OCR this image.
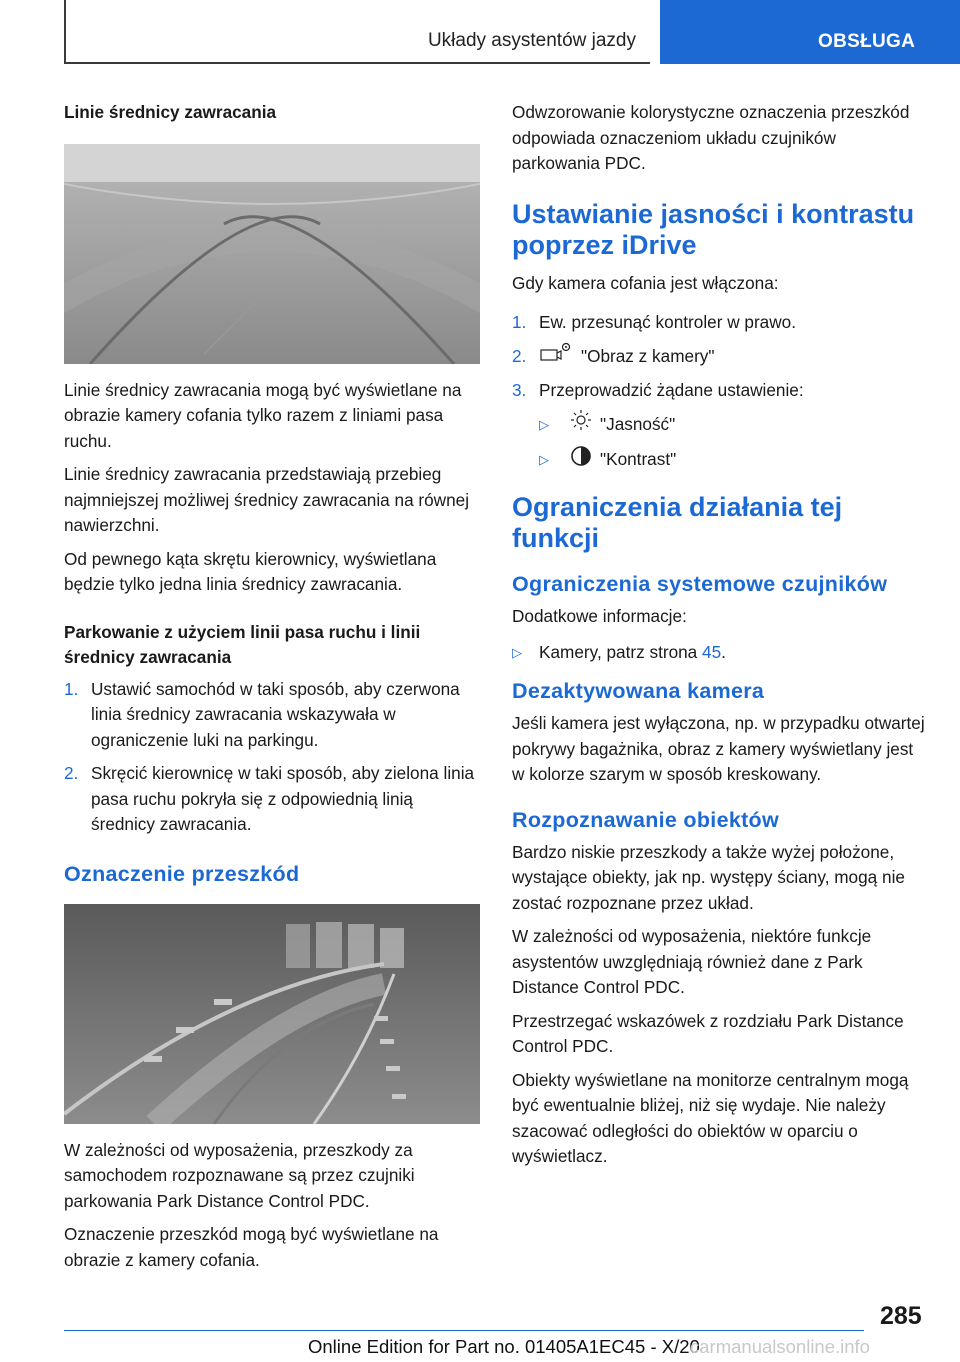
Układy asystentów jazdy	OBSŁUGA
Linie średnicy zawracania

Linie średnicy zawracania mogą być wyświetlane na obrazie kamery cofania tylko razem z liniami pasa ruchu.

Linie średnicy zawracania przedstawiają przebieg najmniejszej możliwej średnicy zawracania na równej nawierzchni.

Od pewnego kąta skrętu kierownicy, wyświetlana będzie tylko jedna linia średnicy zawracania.

Parkowanie z użyciem linii pasa ruchu i linii średnicy zawracania
1. Ustawić samochód w taki sposób, aby czerwona linia średnicy zawracania wskazywała w ograniczenie luki na parkingu.
2. Skręcić kierownicę w taki sposób, aby zielona linia pasa ruchu pokryła się z odpowiednią linią średnicy zawracania.
Oznaczenie przeszkód

W zależności od wyposażenia, przeszkody za samochodem rozpoznawane są przez czujniki parkowania Park Distance Control PDC.

Oznaczenie przeszkód mogą być wyświetlane na obrazie z kamery cofania.

Odwzorowanie kolorystyczne oznaczenia przeszkód odpowiada oznaczeniom układu czujników parkowania PDC.

Ustawianie jasności i kontrastu poprzez iDrive

Gdy kamera cofania jest włączona:

1. Ew. przesunąć kontroler w prawo.
2.	"Obraz z kamery"
3. Przeprowadzić żądane ustawienie:
▷	"Jasność"
▷	"Kontrast"
Ograniczenia działania tej funkcji
Ograniczenia systemowe czujników

Dodatkowe informacje:

▷ Kamery, patrz strona 45.
Dezaktywowana kamera

Jeśli kamera jest wyłączona, np. w przypadku otwartej pokrywy bagażnika, obraz z kamery wyświetlany jest w kolorze szarym w sposób kreskowany.

Rozpoznawanie obiektów

Bardzo niskie przeszkody a także wyżej położone, wystające obiekty, jak np. występy ściany, mogą nie zostać rozpoznane przez układ.

W zależności od wyposażenia, niektóre funkcje asystentów uwzględniają również dane z Park Distance Control PDC.

Przestrzegać wskazówek z rozdziału Park Distance Control PDC.

Obiekty wyświetlane na monitorze centralnym mogą być ewentualnie bliżej, niż się wydaje. Nie należy szacować odległości do obiektów w oparciu o wyświetlacz.

285
Online Edition for Part no. 01405A1EC45 - X/20
carmanualsonline.info
